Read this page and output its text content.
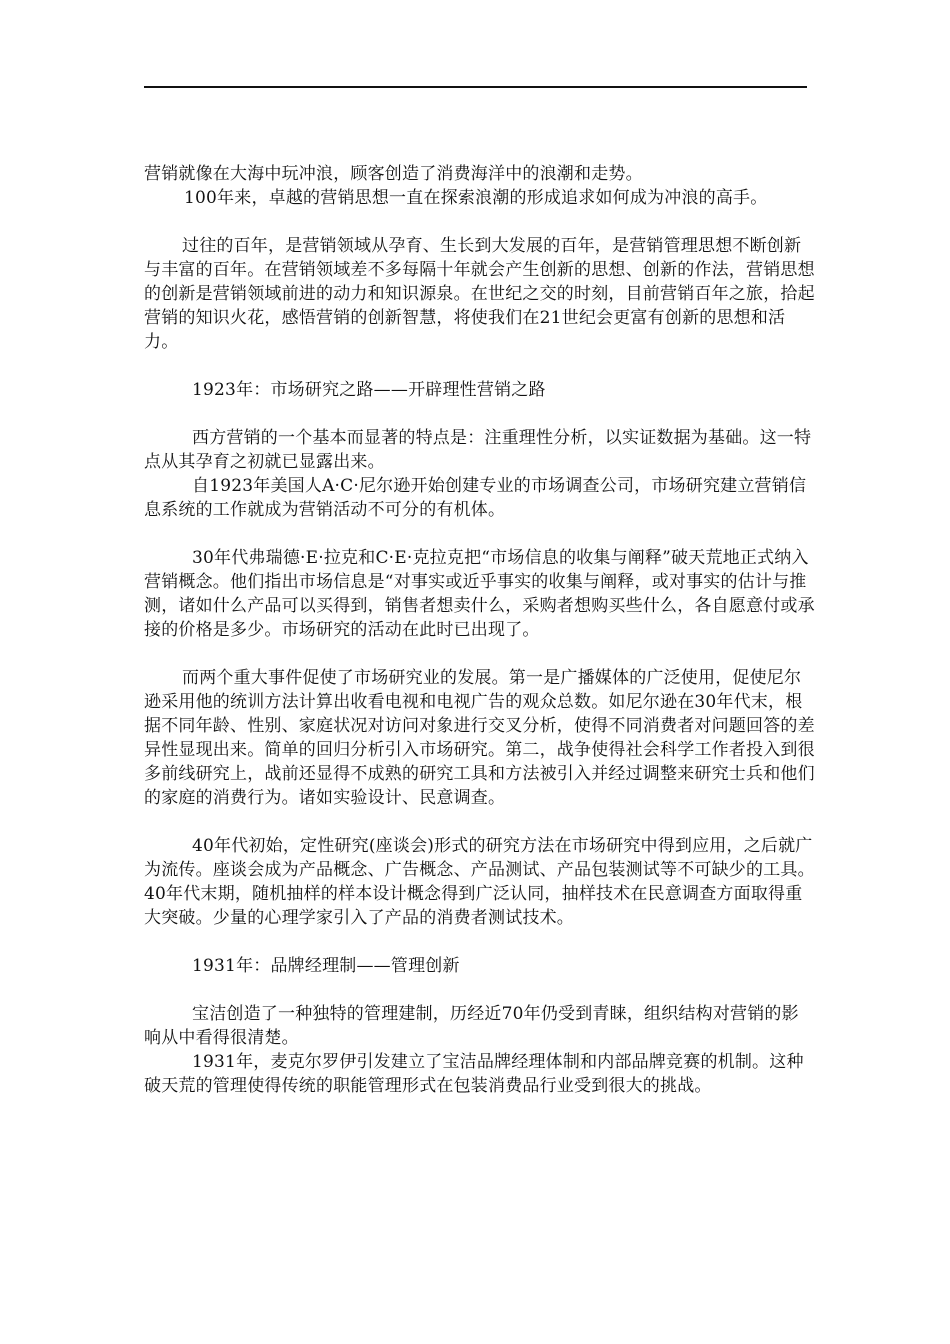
营销就像在大海中玩冲浪，顾客创造了消费海洋中的浪潮和走势。

100年来，卓越的营销思想一直在探索浪潮的形成追求如何成为冲浪的高手。

过往的百年，是营销领域从孕育、生长到大发展的百年，是营销管理思想不断创新与丰富的百年。在营销领域差不多每隔十年就会产生创新的思想、创新的作法，营销思想的创新是营销领域前进的动力和知识源泉。在世纪之交的时刻，目前营销百年之旅，拾起营销的知识火花，感悟营销的创新智慧，将使我们在21世纪会更富有创新的思想和活力。

1923年：市场研究之路——开辟理性营销之路

西方营销的一个基本而显著的特点是：注重理性分析，以实证数据为基础。这一特点从其孕育之初就已显露出来。

自1923年美国人A·C·尼尔逊开始创建专业的市场调查公司，市场研究建立营销信息系统的工作就成为营销活动不可分的有机体。

30年代弗瑞德·E·拉克和C·E·克拉克把“市场信息的收集与阐释”破天荒地正式纳入营销概念。他们指出市场信息是“对事实或近乎事实的收集与阐释，或对事实的估计与推测，诸如什么产品可以买得到，销售者想卖什么，采购者想购买些什么，各自愿意付或承接的价格是多少。市场研究的活动在此时已出现了。

而两个重大事件促使了市场研究业的发展。第一是广播媒体的广泛使用，促使尼尔逊采用他的统训方法计算出收看电视和电视广告的观众总数。如尼尔逊在30年代末，根据不同年龄、性别、家庭状况对访问对象进行交叉分析，使得不同消费者对问题回答的差异性显现出来。简单的回归分析引入市场研究。第二，战争使得社会科学工作者投入到很多前线研究上，战前还显得不成熟的研究工具和方法被引入并经过调整来研究士兵和他们的家庭的消费行为。诸如实验设计、民意调查。

40年代初始，定性研究(座谈会)形式的研究方法在市场研究中得到应用，之后就广为流传。座谈会成为产品概念、广告概念、产品测试、产品包装测试等不可缺少的工具。40年代末期，随机抽样的样本设计概念得到广泛认同，抽样技术在民意调查方面取得重大突破。少量的心理学家引入了产品的消费者测试技术。

1931年：品牌经理制——管理创新

宝洁创造了一种独特的管理建制，历经近70年仍受到青睐，组织结构对营销的影响从中看得很清楚。

1931年，麦克尔罗伊引发建立了宝洁品牌经理体制和内部品牌竞赛的机制。这种破天荒的管理使得传统的职能管理形式在包装消费品行业受到很大的挑战。
